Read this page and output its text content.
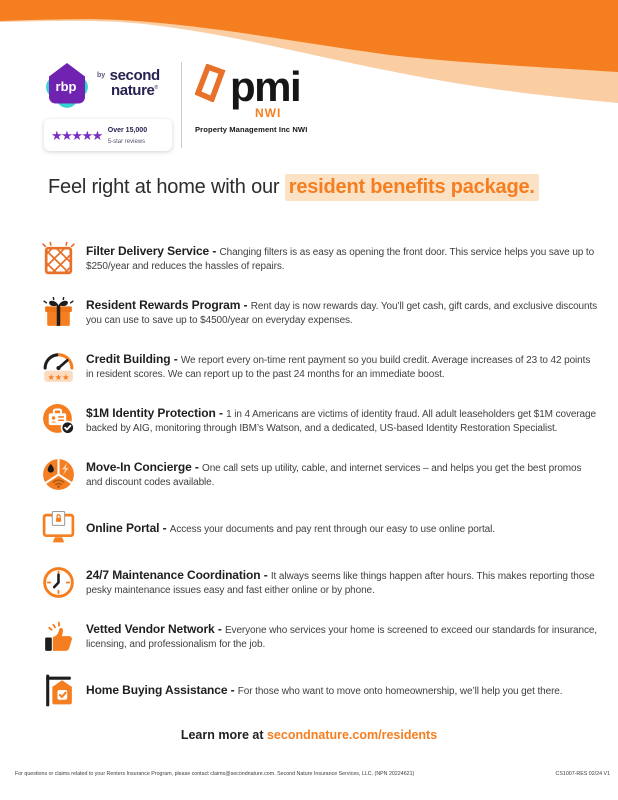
rbp
$^{by}$ second
nature®
★★★★★ Over 15,000
5-star reviews
pmi
NWI
Property Management Inc NWI
Feel right at home with our resident benefits package.
Filter Delivery Service - Changing filters is as easy as opening the front door. This service helps you save up to $250/year and reduces the hassles of repairs.
Resident Rewards Program - Rent day is now rewards day. You’ll get cash, gift cards, and exclusive discounts you can use to save up to $4500/year on everyday expenses.
★★★
Credit Building - We report every on-time rent payment so you build credit. Average increases of 23 to 42 points in resident scores. We can report up to the past 24 months for an immediate boost.
$1M Identity Protection - 1 in 4 Americans are victims of identity fraud. All adult leaseholders get $1M coverage backed by AIG, monitoring through IBM’s Watson, and a dedicated, US-based Identity Restoration Specialist.
Move-In Concierge - One call sets up utility, cable, and internet services – and helps you get the best promos and discount codes available.
Online Portal - Access your documents and pay rent through our easy to use online portal.
24/7 Maintenance Coordination - It always seems like things happen after hours. This makes reporting those pesky maintenance issues easy and fast either online or by phone.
Vetted Vendor Network - Everyone who services your home is screened to exceed our standards for insurance, licensing, and professionalism for the job.
Home Buying Assistance - For those who want to move onto homeownership, we’ll help you get there.
Learn more at secondnature.com/residents
For questions or claims related to your Renters Insurance Program, please contact claims@secondnature.com. Second Nature Insurance Services, LLC. (NPN 20224621)	CS1007-RES 02/24 V1
